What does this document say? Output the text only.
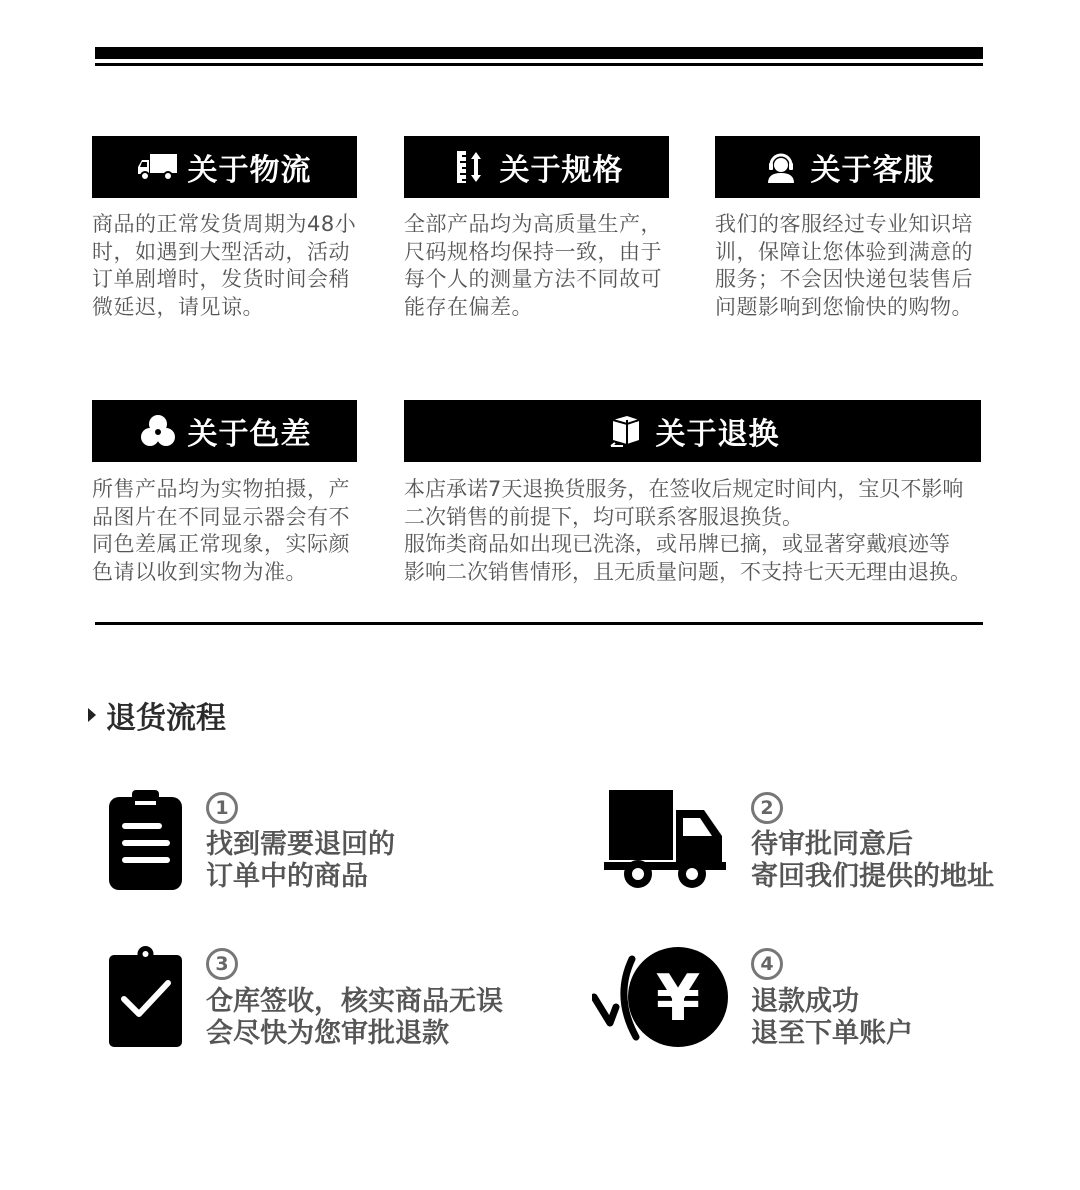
关于物流

商品的正常发货周期为48小

时，如遇到大型活动，活动

订单剧增时，发货时间会稍

微延迟，请见谅。

关于规格

全部产品均为高质量生产，

尺码规格均保持一致，由于

每个人的测量方法不同故可

能存在偏差。

关于客服

我们的客服经过专业知识培

训，保障让您体验到满意的

服务；不会因快递包装售后

问题影响到您愉快的购物。

关于色差

所售产品均为实物拍摄，产

品图片在不同显示器会有不

同色差属正常现象，实际颜

色请以收到实物为准。

关于退换

本店承诺7天退换货服务，在签收后规定时间内，宝贝不影响

二次销售的前提下，均可联系客服退换货。

服饰类商品如出现已洗涤，或吊牌已摘，或显著穿戴痕迹等

影响二次销售情形，且无质量问题，不支持七天无理由退换。

退货流程
1

找到需要退回的

订单中的商品

2

待审批同意后

寄回我们提供的地址

3

仓库签收，核实商品无误

会尽快为您审批退款	¥	4

退款成功

退至下单账户
